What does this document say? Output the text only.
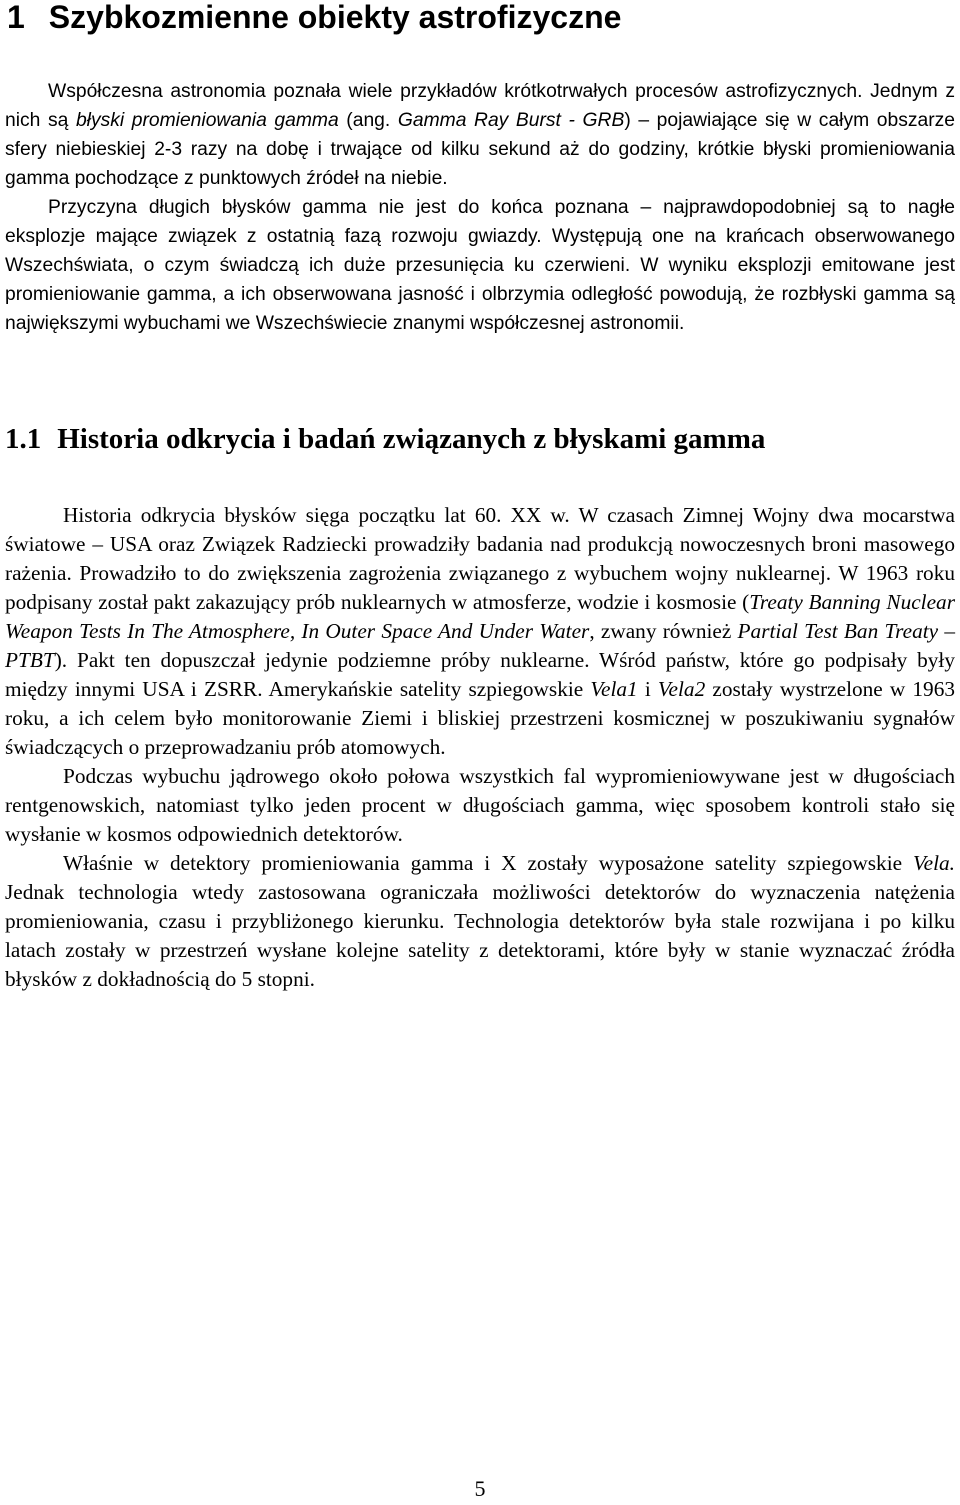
1 Szybkozmienne obiekty astrofizyczne

Współczesna astronomia poznała wiele przykładów krótkotrwałych procesów astrofizycznych. Jednym z nich są błyski promieniowania gamma (ang. Gamma Ray Burst - GRB) – pojawiające się w całym obszarze sfery niebieskiej 2-3 razy na dobę i trwające od kilku sekund aż do godziny, krótkie błyski promieniowania gamma pochodzące z punktowych źródeł na niebie.

Przyczyna długich błysków gamma nie jest do końca poznana – najprawdopodobniej są to nagłe eksplozje mające związek z ostatnią fazą rozwoju gwiazdy. Występują one na krańcach obserwowanego Wszechświata, o czym świadczą ich duże przesunięcia ku czerwieni. W wyniku eksplozji emitowane jest promieniowanie gamma, a ich obserwowana jasność i olbrzymia odległość powodują, że rozbłyski gamma są największymi wybuchami we Wszechświecie znanymi współczesnej astronomii.

1.1 Historia odkrycia i badań związanych z błyskami gamma

Historia odkrycia błysków sięga początku lat 60. XX w. W czasach Zimnej Wojny dwa mocarstwa światowe – USA oraz Związek Radziecki prowadziły badania nad produkcją nowoczesnych broni masowego rażenia. Prowadziło to do zwiększenia zagrożenia związanego z wybuchem wojny nuklearnej. W 1963 roku podpisany został pakt zakazujący prób nuklearnych w atmosferze, wodzie i kosmosie (Treaty Banning Nuclear Weapon Tests In The Atmosphere, In Outer Space And Under Water, zwany również Partial Test Ban Treaty – PTBT). Pakt ten dopuszczał jedynie podziemne próby nuklearne. Wśród państw, które go podpisały były między innymi USA i ZSRR. Amerykańskie satelity szpiegowskie Vela1 i Vela2 zostały wystrzelone w 1963 roku, a ich celem było monitorowanie Ziemi i bliskiej przestrzeni kosmicznej w poszukiwaniu sygnałów świadczących o przeprowadzaniu prób atomowych.

Podczas wybuchu jądrowego około połowa wszystkich fal wypromieniowywane jest w długościach rentgenowskich, natomiast tylko jeden procent w długościach gamma, więc sposobem kontroli stało się wysłanie w kosmos odpowiednich detektorów.

Właśnie w detektory promieniowania gamma i X zostały wyposażone satelity szpiegowskie Vela. Jednak technologia wtedy zastosowana ograniczała możliwości detektorów do wyznaczenia natężenia promieniowania, czasu i przybliżonego kierunku. Technologia detektorów była stale rozwijana i po kilku latach zostały w przestrzeń wysłane kolejne satelity z detektorami, które były w stanie wyznaczać źródła błysków z dokładnością do 5 stopni.

5
